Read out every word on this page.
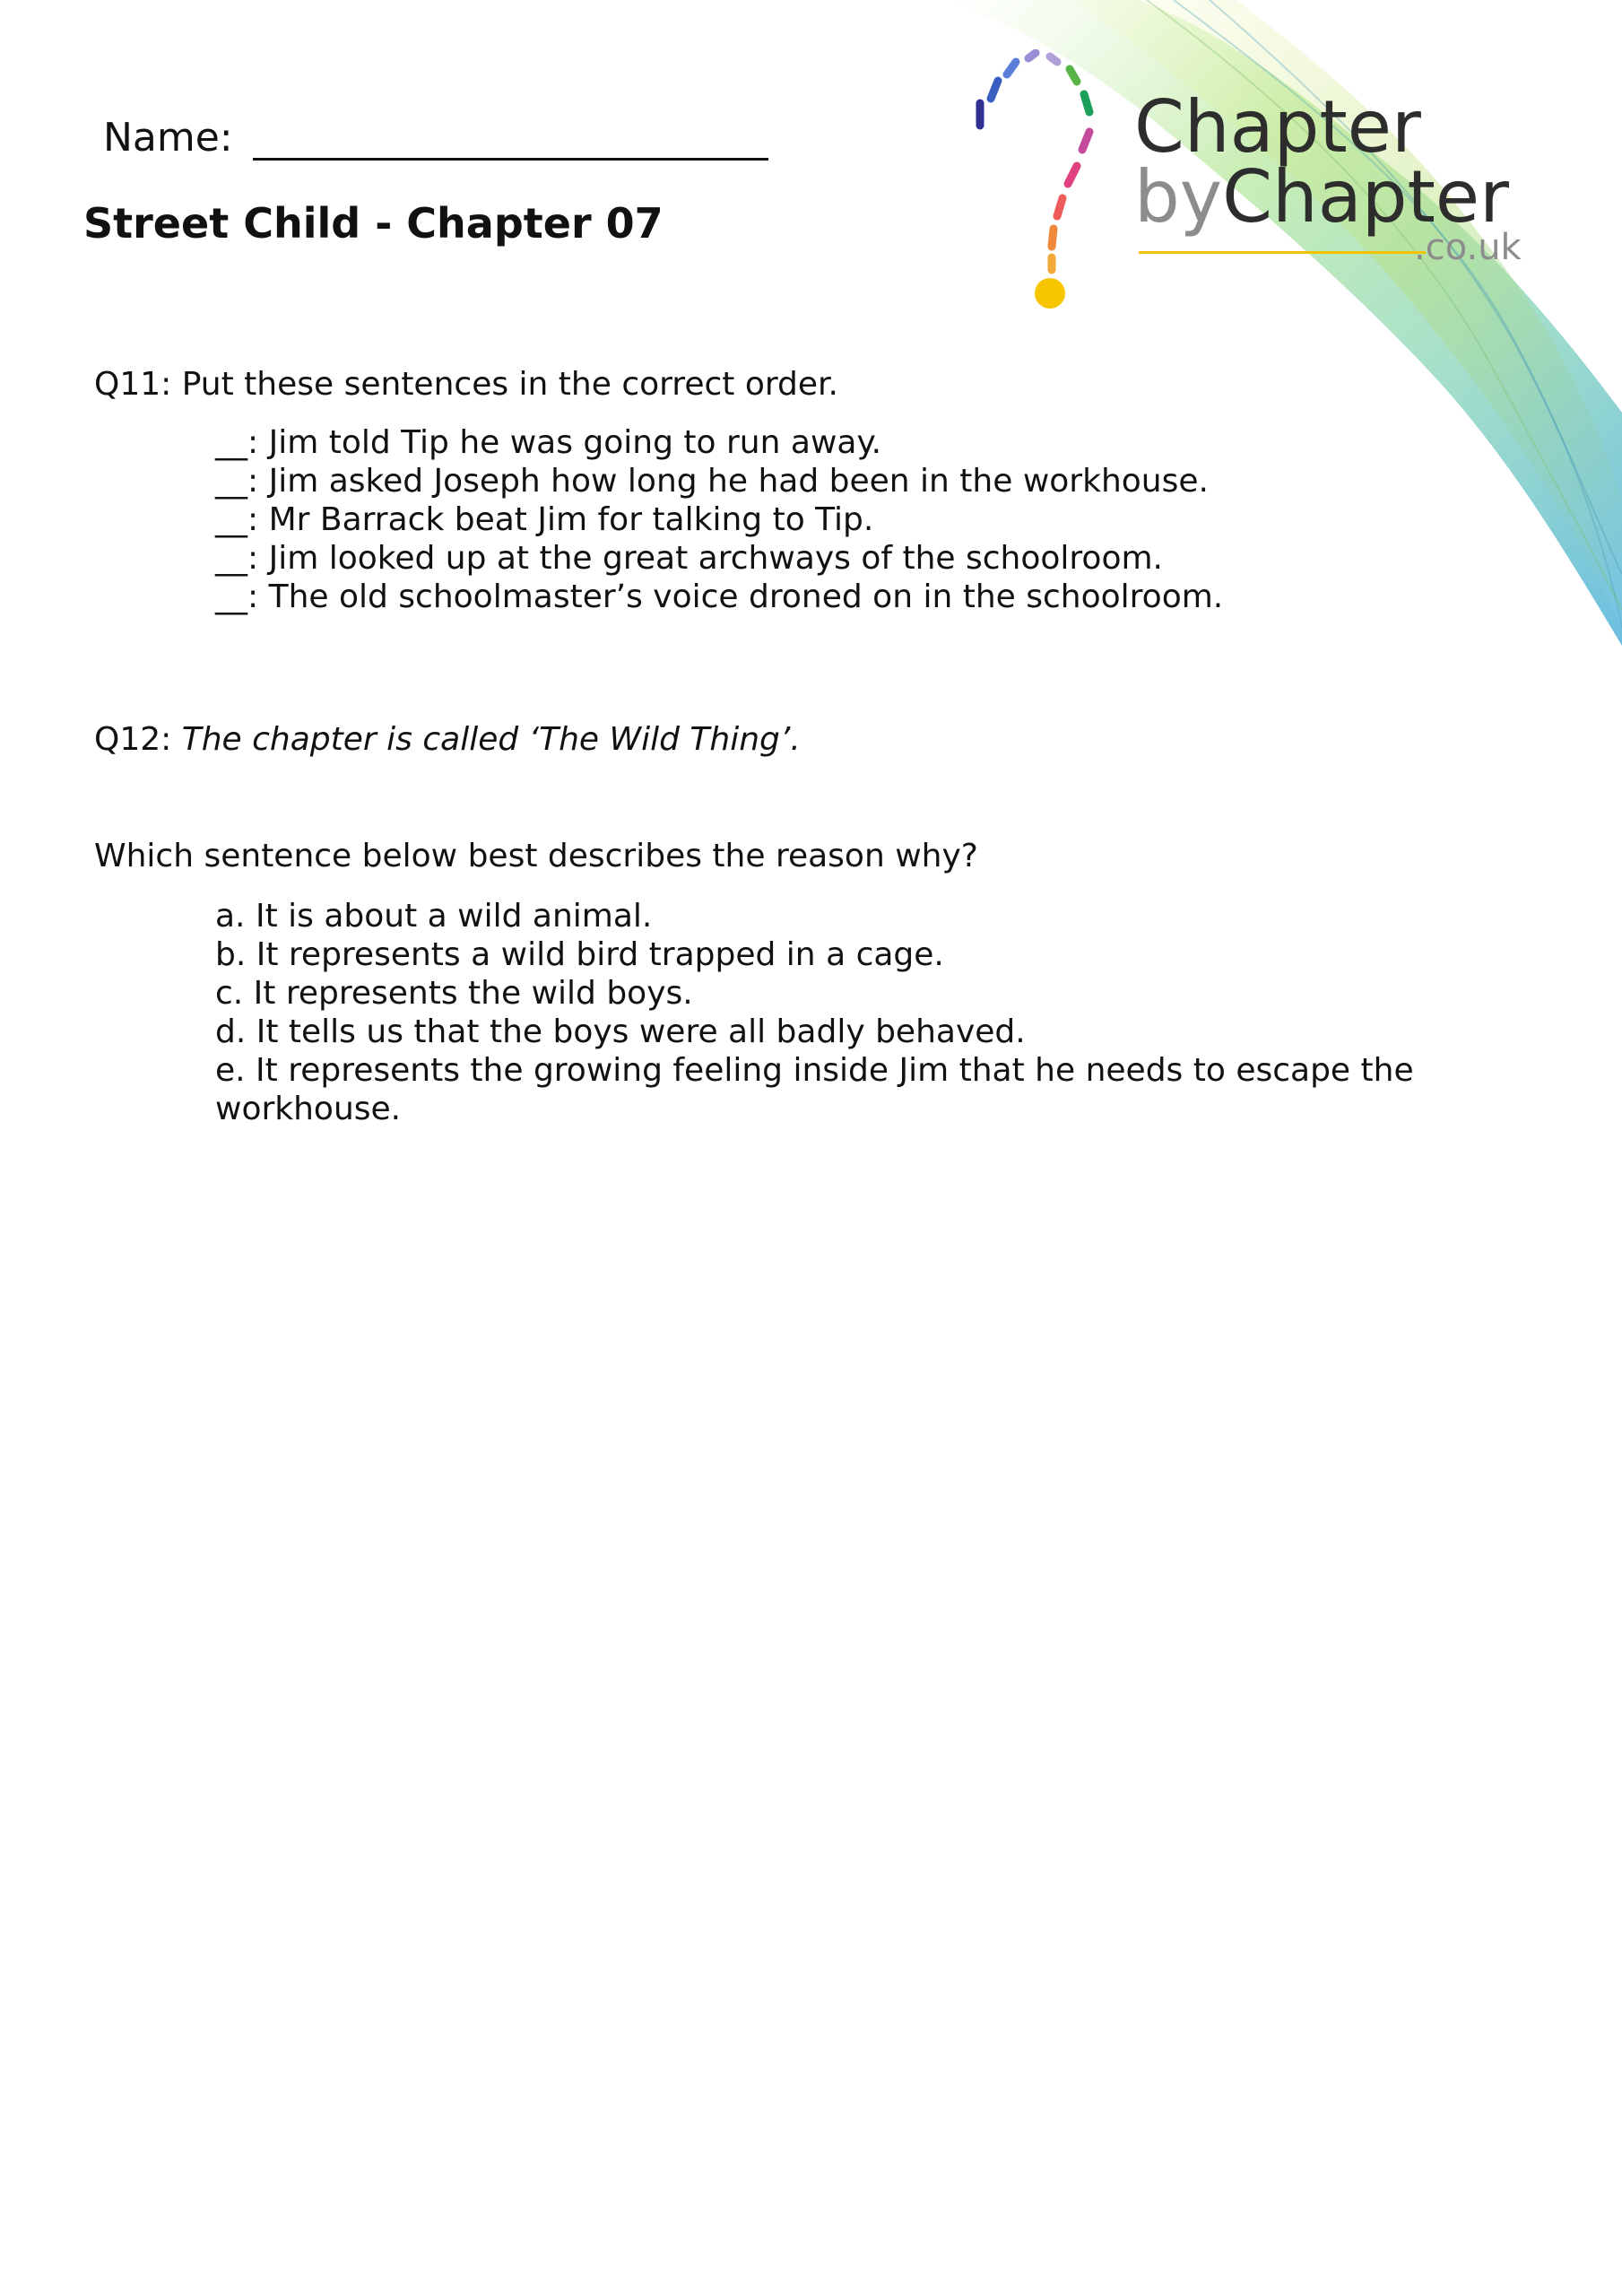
Name:
Street Child - Chapter 07
Chapter
byChapter
.co.uk

Q11: Put these sentences in the correct order.

__: Jim told Tip he was going to run away.
__: Jim asked Joseph how long he had been in the workhouse.
__: Mr Barrack beat Jim for talking to Tip.
__: Jim looked up at the great archways of the schoolroom.
__: The old schoolmaster’s voice droned on in the schoolroom.

Q12: The chapter is called ‘The Wild Thing’.

Which sentence below best describes the reason why?

a. It is about a wild animal.
b. It represents a wild bird trapped in a cage.
c. It represents the wild boys.
d. It tells us that the boys were all badly behaved.
e. It represents the growing feeling inside Jim that he needs to escape the workhouse.
